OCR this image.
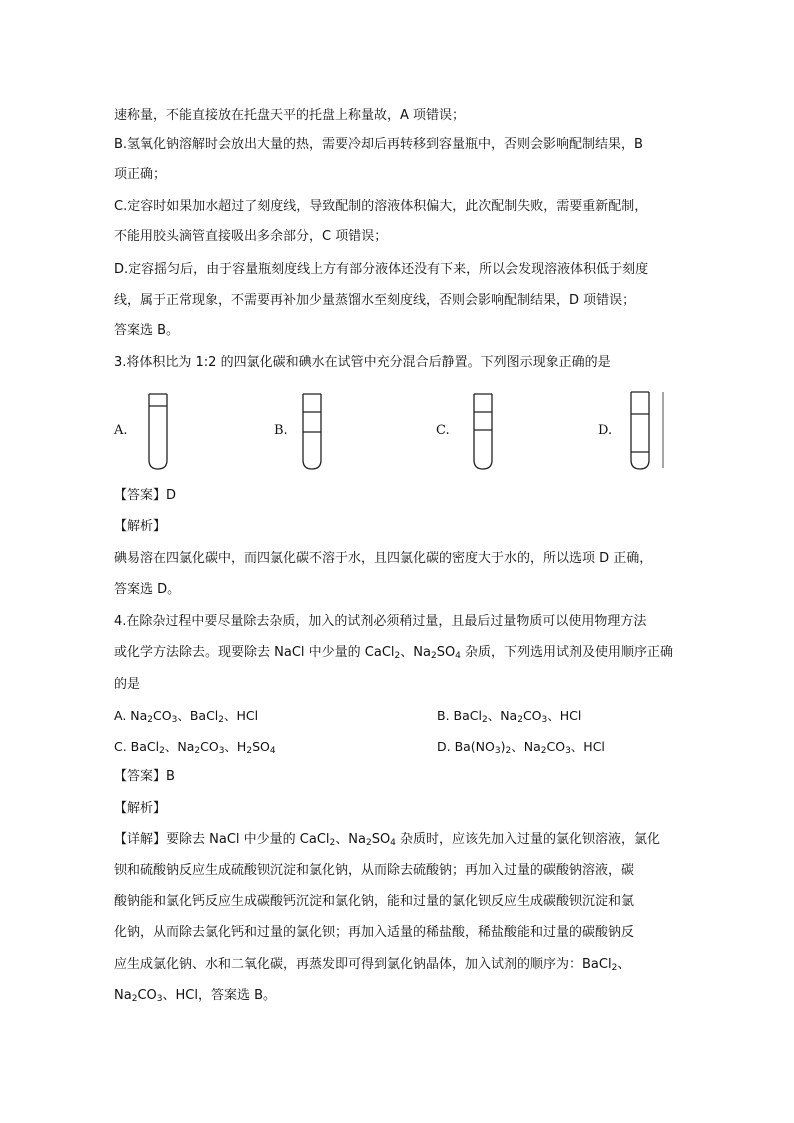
速称量，不能直接放在托盘天平的托盘上称量故，A 项错误；
B.氢氧化钠溶解时会放出大量的热，需要冷却后再转移到容量瓶中，否则会影响配制结果，B
项正确；
C.定容时如果加水超过了刻度线，导致配制的溶液体积偏大，此次配制失败，需要重新配制，
不能用胶头滴管直接吸出多余部分，C 项错误；
D.定容摇匀后，由于容量瓶刻度线上方有部分液体还没有下来，所以会发现溶液体积低于刻度
线，属于正常现象，不需要再补加少量蒸馏水至刻度线，否则会影响配制结果，D 项错误；
答案选 B。
3.将体积比为 1:2 的四氯化碳和碘水在试管中充分混合后静置。下列图示现象正确的是
A.	B.	C.	D.
【答案】D
【解析】
碘易溶在四氯化碳中，而四氯化碳不溶于水，且四氯化碳的密度大于水的，所以选项 D 正确，
答案选 D。
4.在除杂过程中要尽量除去杂质，加入的试剂必须稍过量，且最后过量物质可以使用物理方法
或化学方法除去。现要除去 NaCl 中少量的 CaCl$_2$、$Na_2SO_4$ 杂质，下列选用试剂及使用顺序正确
的是
A. $Na_2CO_3$、BaCl$_2$、HCl	B. BaCl$_2$、$Na_2CO_3$、HCl
C. BaCl$_2$、$Na_2CO_3$、$H_2SO_4$	D. $Ba(NO_3)_2$、$Na_2CO_3$、HCl
【答案】B
【解析】
【详解】要除去 NaCl 中少量的 CaCl$_2$、$Na_2SO_4$ 杂质时，应该先加入过量的氯化钡溶液，氯化
钡和硫酸钠反应生成硫酸钡沉淀和氯化钠，从而除去硫酸钠；再加入过量的碳酸钠溶液，碳
酸钠能和氯化钙反应生成碳酸钙沉淀和氯化钠，能和过量的氯化钡反应生成碳酸钡沉淀和氯
化钠，从而除去氯化钙和过量的氯化钡；再加入适量的稀盐酸，稀盐酸能和过量的碳酸钠反
应生成氯化钠、水和二氧化碳，再蒸发即可得到氯化钠晶体，加入试剂的顺序为：BaCl$_2$、
$Na_2CO_3$、HCl，答案选 B。
